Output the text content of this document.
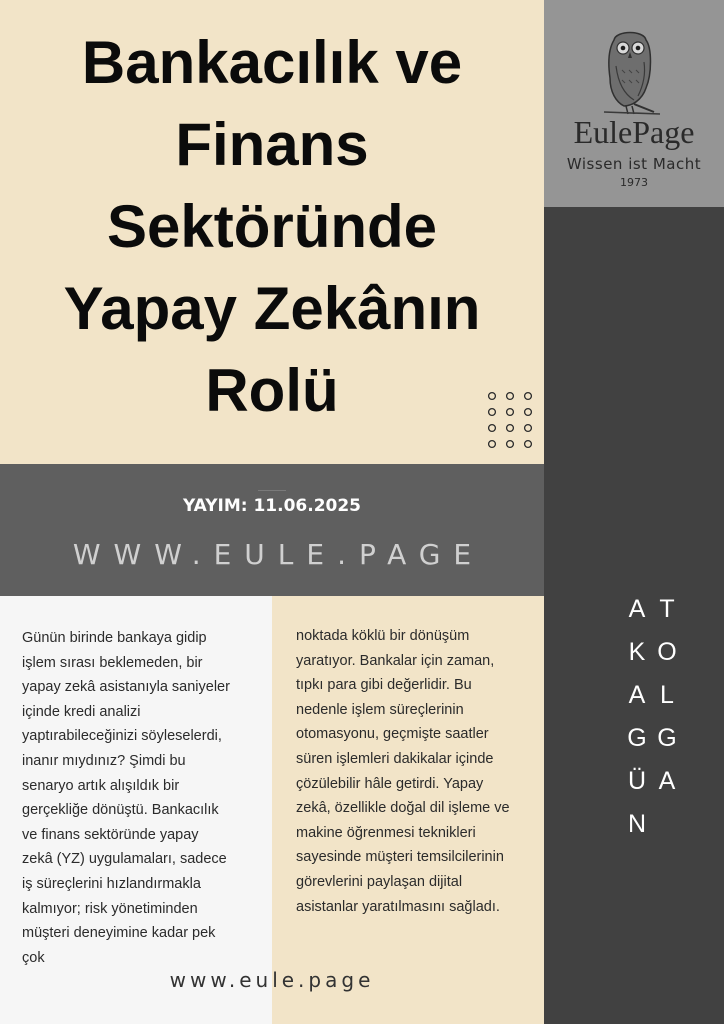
Bankacılık ve
Finans
Sektöründe
Yapay Zekânın
Rolü
EulePage
Wissen ist Macht
1973
TOLGA AKAGÜN
YAYIM: 11.06.2025
WWW.EULE.PAGE

Günün birinde bankaya gidip
işlem sırası beklemeden, bir
yapay zekâ asistanıyla saniyeler
içinde kredi analizi
yaptırabileceğinizi söyleselerdi,
inanır mıydınız? Şimdi bu
senaryo artık alışıldık bir
gerçekliğe dönüştü. Bankacılık
ve finans sektöründe yapay
zekâ (YZ) uygulamaları, sadece
iş süreçlerini hızlandırmakla
kalmıyor; risk yönetiminden
müşteri deneyimine kadar pek
çok

noktada köklü bir dönüşüm
yaratıyor. Bankalar için zaman,
tıpkı para gibi değerlidir. Bu
nedenle işlem süreçlerinin
otomasyonu, geçmişte saatler
süren işlemleri dakikalar içinde
çözülebilir hâle getirdi. Yapay
zekâ, özellikle doğal dil işleme ve
makine öğrenmesi teknikleri
sayesinde müşteri temsilcilerinin
görevlerini paylaşan dijital
asistanlar yaratılmasını sağladı.

www.eule.page
